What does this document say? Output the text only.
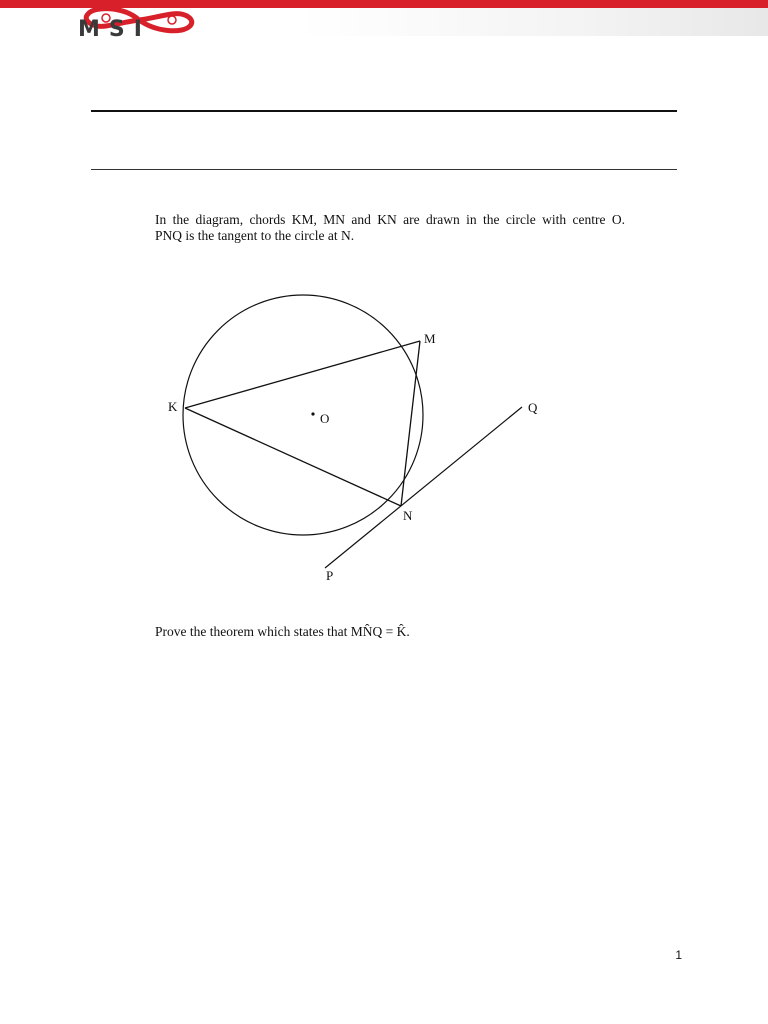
MSI

In the diagram, chords KM, MN and KN are drawn in the circle with centre O.

PNQ is the tangent to the circle at N.

M
K
O
Q
N
P
Prove the theorem which states that MN̂Q = K̂.
1
